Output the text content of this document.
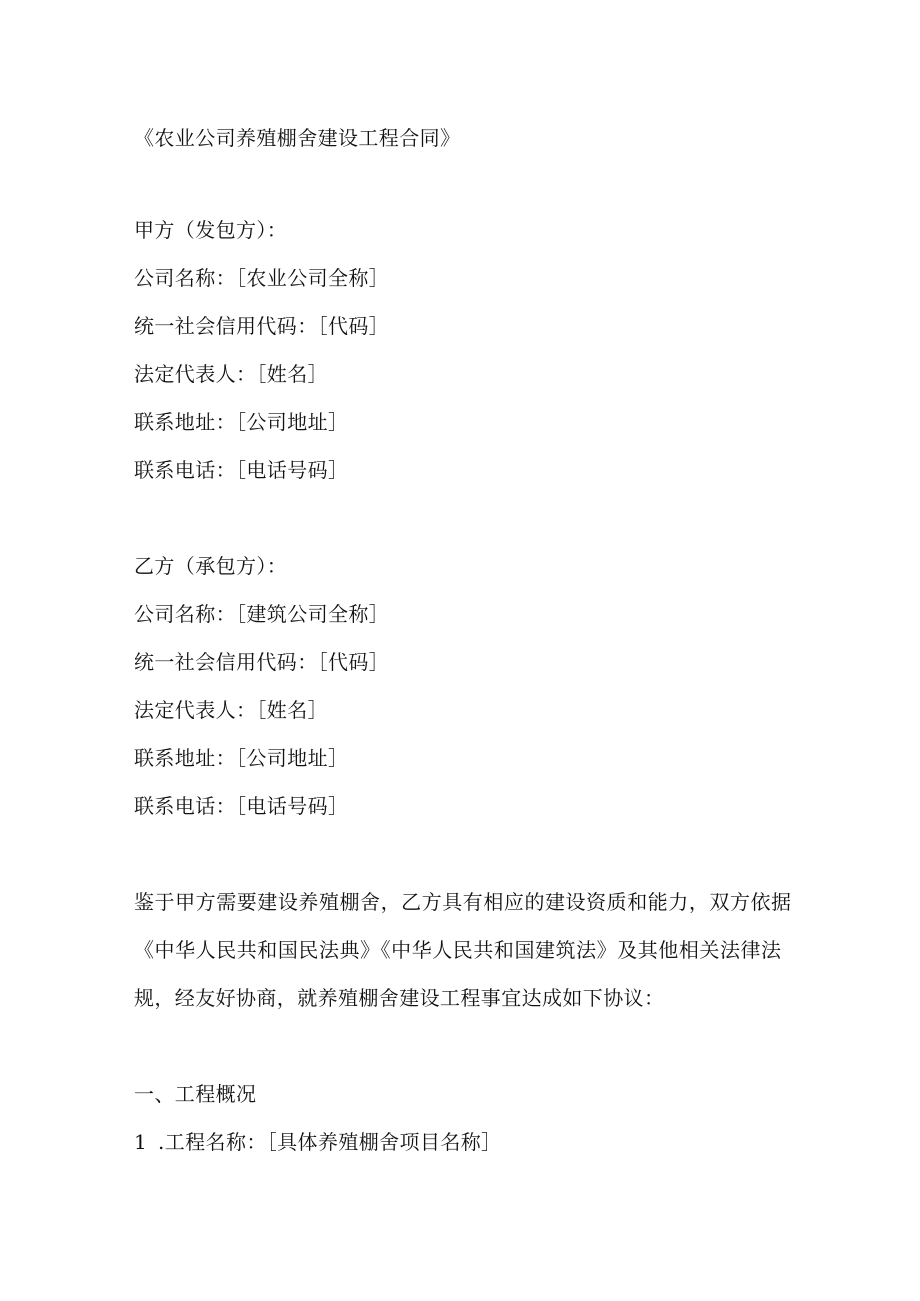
《农业公司养殖棚舍建设工程合同》
甲方（发包方）：
公司名称：［农业公司全称］
统一社会信用代码：［代码］
法定代表人：［姓名］
联系地址：［公司地址］
联系电话：［电话号码］
乙方（承包方）：
公司名称：［建筑公司全称］
统一社会信用代码：［代码］
法定代表人：［姓名］
联系地址：［公司地址］
联系电话：［电话号码］
鉴于甲方需要建设养殖棚舍，乙方具有相应的建设资质和能力，双方依据
《中华人民共和国民法典》《中华人民共和国建筑法》及其他相关法律法
规，经友好协商，就养殖棚舍建设工程事宜达成如下协议：
一、工程概况
1 .工程名称：［具体养殖棚舍项目名称］
